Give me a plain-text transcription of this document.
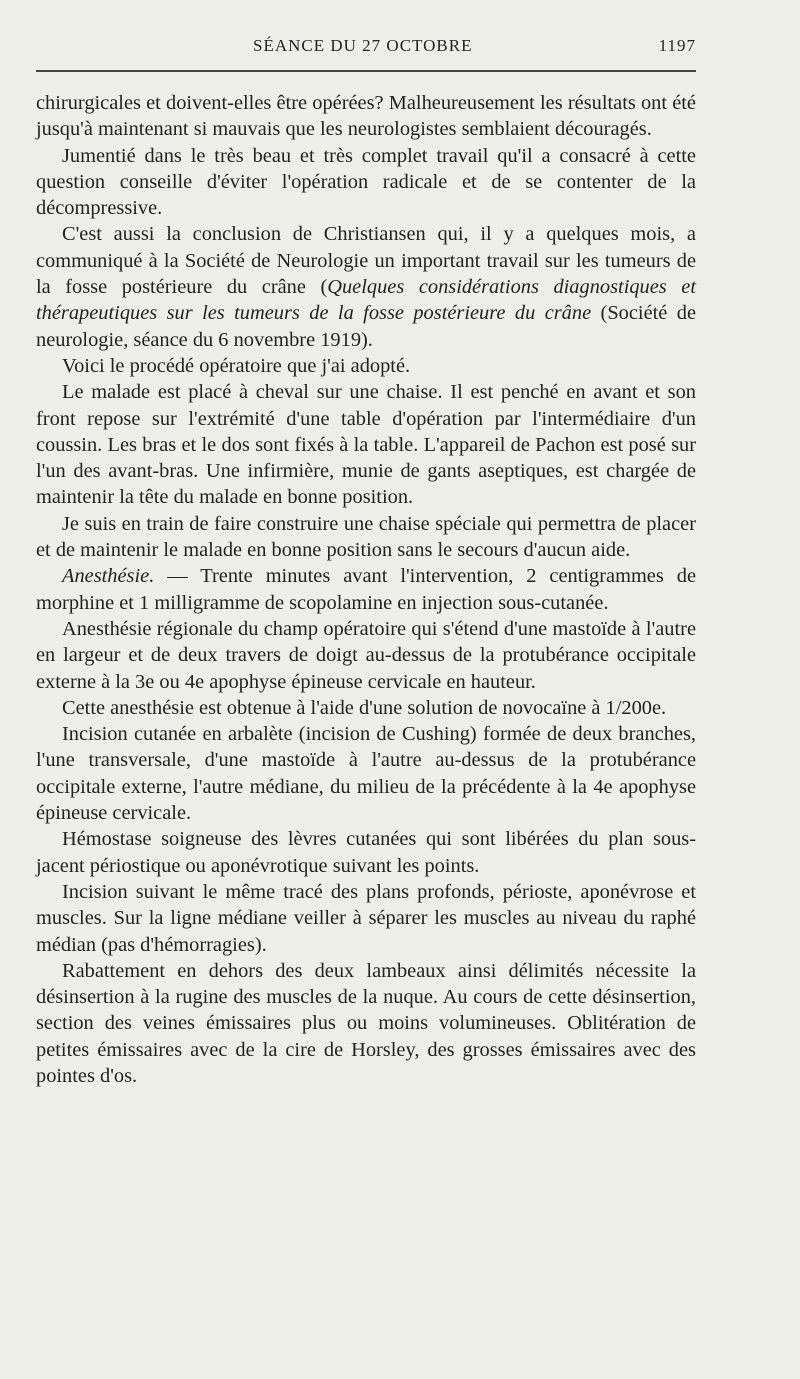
SÉANCE DU 27 OCTOBRE	1197

chirurgicales et doivent-elles être opérées? Malheureusement les résultats ont été jusqu'à maintenant si mauvais que les neurologistes semblaient découragés.

Jumentié dans le très beau et très complet travail qu'il a consacré à cette question conseille d'éviter l'opération radicale et de se contenter de la décompressive.

C'est aussi la conclusion de Christiansen qui, il y a quelques mois, a communiqué à la Société de Neurologie un important travail sur les tumeurs de la fosse postérieure du crâne (Quelques considérations diagnostiques et thérapeutiques sur les tumeurs de la fosse postérieure du crâne (Société de neurologie, séance du 6 novembre 1919).

Voici le procédé opératoire que j'ai adopté.

Le malade est placé à cheval sur une chaise. Il est penché en avant et son front repose sur l'extrémité d'une table d'opération par l'intermédiaire d'un coussin. Les bras et le dos sont fixés à la table. L'appareil de Pachon est posé sur l'un des avant-bras. Une infirmière, munie de gants aseptiques, est chargée de maintenir la tête du malade en bonne position.

Je suis en train de faire construire une chaise spéciale qui permettra de placer et de maintenir le malade en bonne position sans le secours d'aucun aide.

Anesthésie. — Trente minutes avant l'intervention, 2 centigrammes de morphine et 1 milligramme de scopolamine en injection sous-cutanée.

Anesthésie régionale du champ opératoire qui s'étend d'une mastoïde à l'autre en largeur et de deux travers de doigt au-dessus de la protubérance occipitale externe à la 3e ou 4e apophyse épineuse cervicale en hauteur.

Cette anesthésie est obtenue à l'aide d'une solution de novocaïne à 1/200e.

Incision cutanée en arbalète (incision de Cushing) formée de deux branches, l'une transversale, d'une mastoïde à l'autre au-dessus de la protubérance occipitale externe, l'autre médiane, du milieu de la précédente à la 4e apophyse épineuse cervicale.

Hémostase soigneuse des lèvres cutanées qui sont libérées du plan sous-jacent périostique ou aponévrotique suivant les points.

Incision suivant le même tracé des plans profonds, périoste, aponévrose et muscles. Sur la ligne médiane veiller à séparer les muscles au niveau du raphé médian (pas d'hémorragies).

Rabattement en dehors des deux lambeaux ainsi délimités nécessite la désinsertion à la rugine des muscles de la nuque. Au cours de cette désinsertion, section des veines émissaires plus ou moins volumineuses. Oblitération de petites émissaires avec de la cire de Horsley, des grosses émissaires avec des pointes d'os.
